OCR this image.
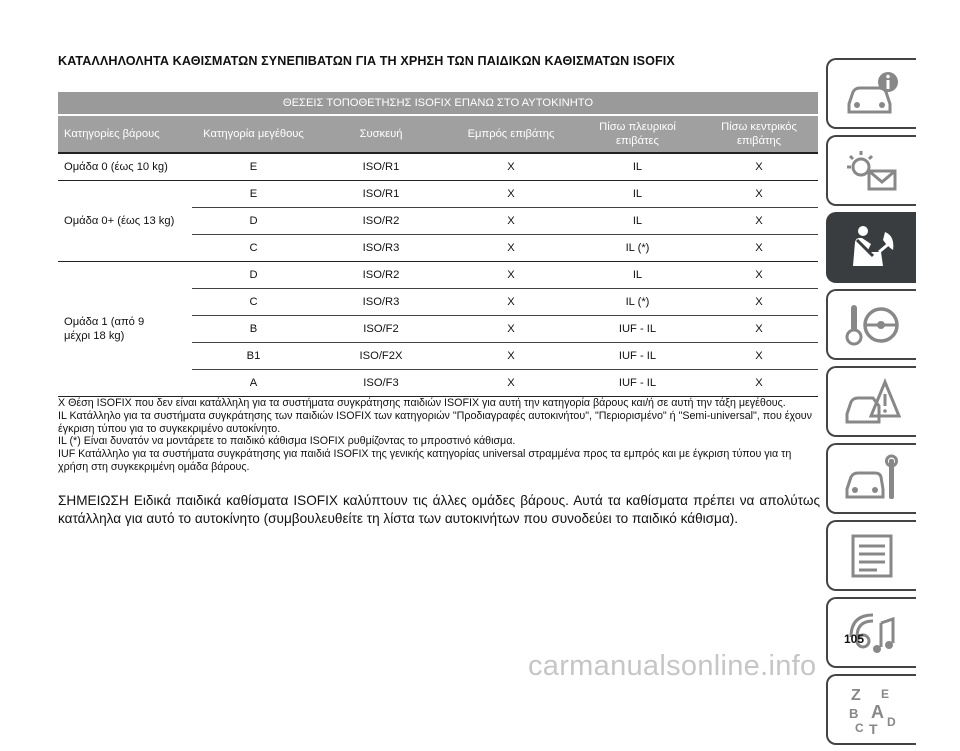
ΚΑΤΑΛΛΗΛΟΛΗΤΑ ΚΑΘΙΣΜΑΤΩΝ ΣΥΝΕΠΙΒΑΤΩΝ ΓΙΑ ΤΗ ΧΡΗΣΗ ΤΩΝ ΠΑΙΔΙΚΩΝ ΚΑΘΙΣΜΑΤΩΝ ISOFIX
ΘΕΣΕΙΣ ΤΟΠΟΘΕΤΗΣΗΣ ISOFIX ΕΠΑΝΩ ΣΤΟ ΑΥΤΟΚΙΝΗΤΟ					
Κατηγορίες βάρους	Κατηγορία μεγέθους	Συσκευή	Εμπρός επιβάτης	Πίσω πλευρικοί επιβάτες	Πίσω κεντρικός επιβάτης
Ομάδα 0 (έως 10 kg)	E	ISO/R1	X	IL	X

Ομάδα 0+ (έως 13 kg)	E	ISO/R1	X	IL	X
	D	ISO/R2	X	IL	X
	C	ISO/R3	X	IL (*)	X

Ομάδα 1 (από 9 μέχρι 18 kg)	D	ISO/R2	X	IL	X
	C	ISO/R3	X	IL (*)	X
	B	ISO/F2	X	IUF - IL	X
	B1	ISO/F2X	X	IUF - IL	X
	A	ISO/F3	X	IUF - IL	X

X Θέση ISOFIX που δεν είναι κατάλληλη για τα συστήματα συγκράτησης παιδιών ISOFIX για αυτή την κατηγορία βάρους και/ή σε αυτή την τάξη μεγέθους.

IL Κατάλληλο για τα συστήματα συγκράτησης των παιδιών ISOFIX των κατηγοριών "Προδιαγραφές αυτοκινήτου", "Περιορισμένο" ή "Semi-universal", που έχουν έγκριση τύπου για το συγκεκριμένο αυτοκίνητο.

IL (*) Είναι δυνατόν να μοντάρετε το παιδικό κάθισμα ISOFIX ρυθμίζοντας το μπροστινό κάθισμα.

IUF Κατάλληλο για τα συστήματα συγκράτησης για παιδιά ISOFIX της γενικής κατηγορίας universal στραμμένα προς τα εμπρός και με έγκριση τύπου για τη χρήση στη συγκεκριμένη ομάδα βάρους.

ΣΗΜΕΙΩΣΗ Ειδικά παιδικά καθίσματα ISOFIX καλύπτουν τις άλλες ομάδες βάρους. Αυτά τα καθίσματα πρέπει να απολύτως κατάλληλα για αυτό το αυτοκίνητο (συμβουλευθείτε τη λίστα των αυτοκινήτων που συνοδεύει το παιδικό κάθισμα).
Z E
B A
C T D
105
carmanualsonline.info
